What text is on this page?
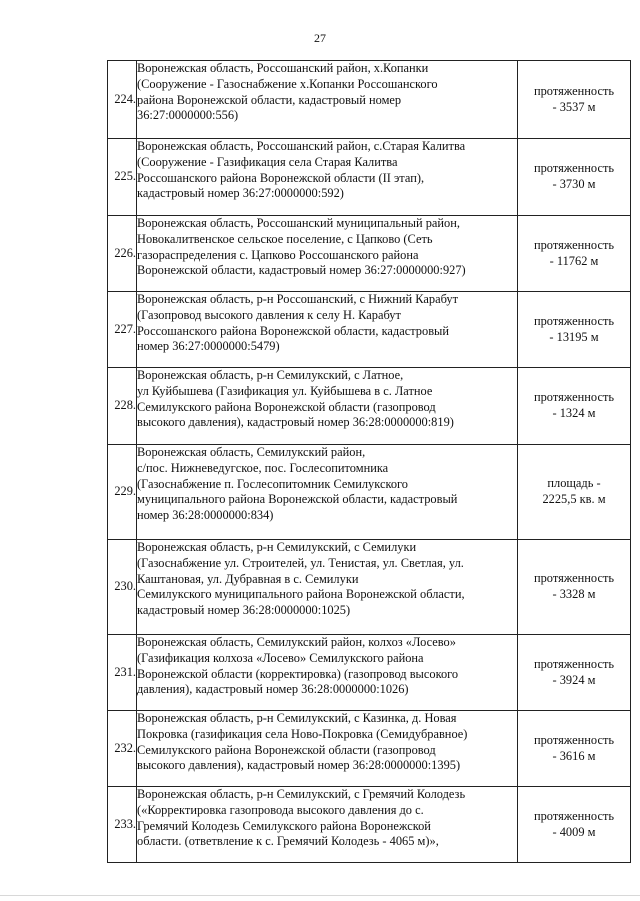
27
224.	Воронежская область, Россошанский район, х.Копанки
(Сооружение - Газоснабжение х.Копанки Россошанского
района Воронежской области, кадастровый номер
36:27:0000000:556)	протяженность
- 3537 м

225.	Воронежская область, Россошанский район, с.Старая Калитва
(Сооружение - Газификация села Старая Калитва
Россошанского района Воронежской области (II этап),
кадастровый номер 36:27:0000000:592)	протяженность
- 3730 м

226.	Воронежская область, Россошанский муниципальный район,
Новокалитвенское сельское поселение, с Цапково (Сеть
газораспределения с. Цапково Россошанского района
Воронежской области, кадастровый номер 36:27:0000000:927)	протяженность
- 11762 м

227.	Воронежская область, р-н Россошанский, с Нижний Карабут
(Газопровод высокого давления к селу Н. Карабут
Россошанского района Воронежской области, кадастровый
номер 36:27:0000000:5479)	протяженность
- 13195 м

228.	Воронежская область, р-н Семилукский, с Латное,
ул Куйбышева (Газификация ул. Куйбышева в с. Латное
Семилукского района Воронежской области (газопровод
высокого давления), кадастровый номер 36:28:0000000:819)	протяженность
- 1324 м

229.	Воронежская область, Семилукский район,
с/пос. Нижневедугское, пос. Гослесопитомника
(Газоснабжение п. Гослесопитомник Семилукского
муниципального района Воронежской области, кадастровый
номер 36:28:0000000:834)	площадь -
2225,5 кв. м

230.	Воронежская область, р-н Семилукский, с Семилуки
(Газоснабжение ул. Строителей, ул. Тенистая, ул. Светлая, ул.
Каштановая, ул. Дубравная в с. Семилуки
Семилукского муниципального района Воронежской области,
кадастровый номер 36:28:0000000:1025)	протяженность
- 3328 м

231.	Воронежская область, Семилукский район, колхоз «Лосево»
(Газификация колхоза «Лосево» Семилукского района
Воронежской области (корректировка) (газопровод высокого
давления), кадастровый номер 36:28:0000000:1026)	протяженность
- 3924 м

232.	Воронежская область, р-н Семилукский, с Казинка, д. Новая
Покровка (газификация села Ново-Покровка (Семидубравное)
Семилукского района Воронежской области (газопровод
высокого давления), кадастровый номер 36:28:0000000:1395)	протяженность
- 3616 м

233.	Воронежская область, р-н Семилукский, с Гремячий Колодезь
(«Корректировка газопровода высокого давления до с.
Гремячий Колодезь Семилукского района Воронежской
области. (ответвление к с. Гремячий Колодезь - 4065 м)»,	протяженность
- 4009 м
